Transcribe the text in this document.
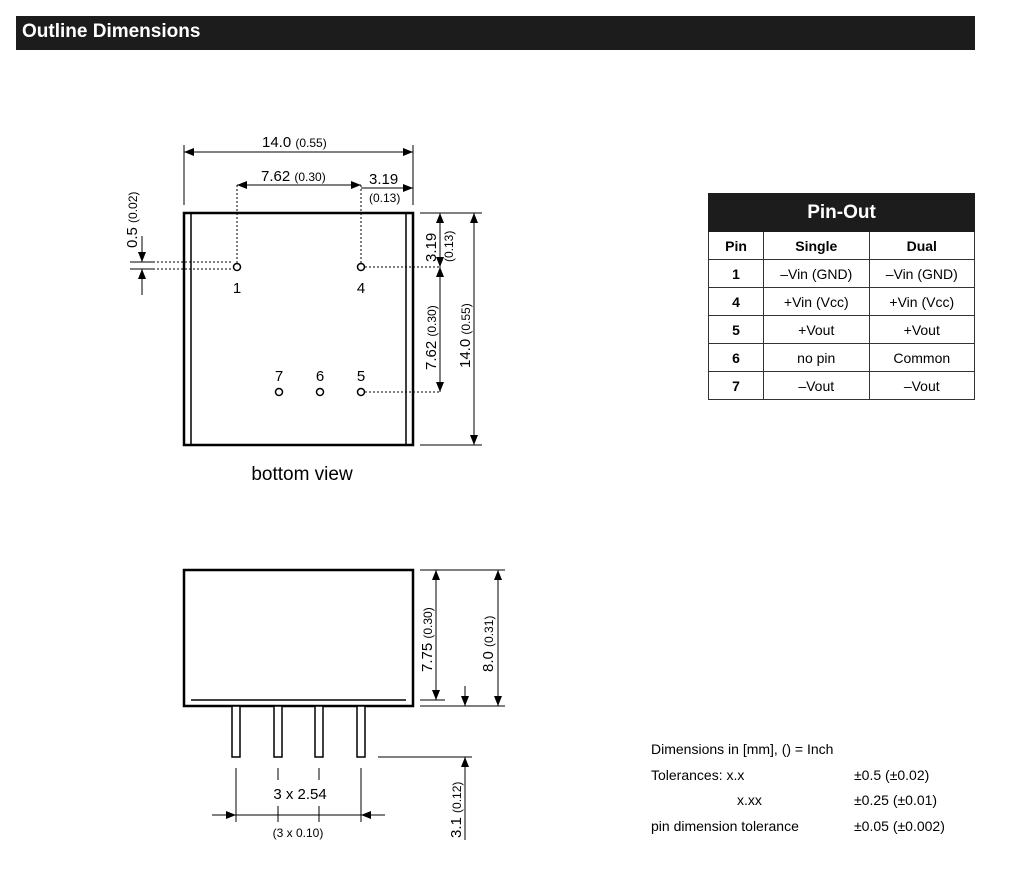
Outline Dimensions
1	4
7 6 5
14.0 (0.55)
7.62 (0.30)	3.19
(0.13)
0.5 (0.02)
3.19 (0.13)
7.62 (0.30)
14.0 (0.55)
bottom view
7.75 (0.30)
8.0 (0.31)
3.1 (0.12)
3 x 2.54
(3 x 0.10)
Pin-Out		
Pin	Single	Dual
1	–Vin (GND)	–Vin (GND)
4	+Vin (Vcc)	+Vin (Vcc)
5	+Vout	+Vout
6	no pin	Common
7	–Vout	–Vout
Dimensions in [mm], () = Inch
Tolerances: x.x	±0.5 (±0.02)
x.xx	±0.25 (±0.01)
pin dimension tolerance	±0.05 (±0.002)
